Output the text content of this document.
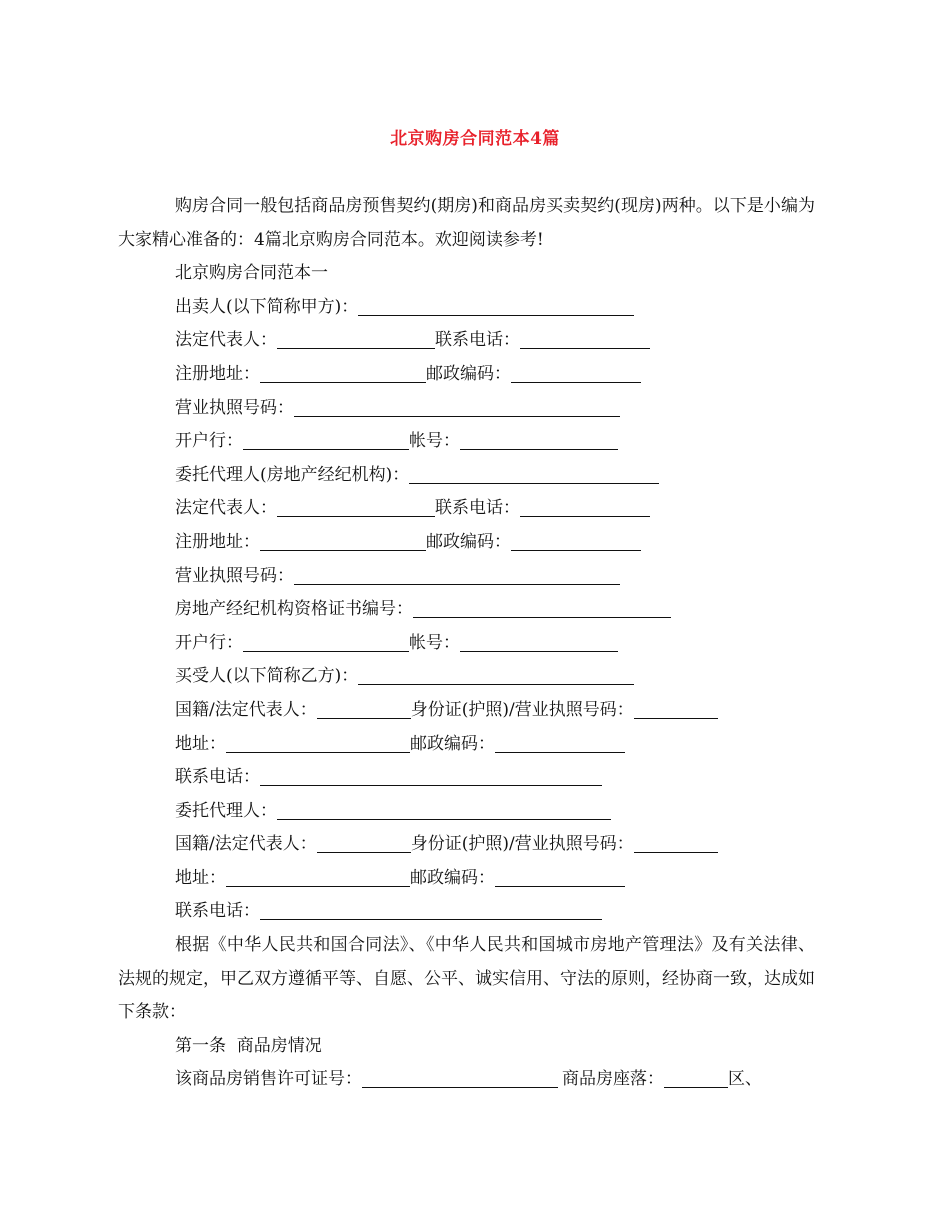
北京购房合同范本4篇
购房合同一般包括商品房预售契约(期房)和商品房买卖契约(现房)两种。以下是小编为大家精心准备的：4篇北京购房合同范本。欢迎阅读参考!
北京购房合同范本一
出卖人(以下简称甲方)：
法定代表人：	联系电话：
注册地址：	邮政编码：
营业执照号码：
开户行：	帐号：
委托代理人(房地产经纪机构)：
法定代表人：	联系电话：
注册地址：	邮政编码：
营业执照号码：
房地产经纪机构资格证书编号：
开户行：	帐号：
买受人(以下简称乙方)：
国籍/法定代表人：	身份证(护照)/营业执照号码：
地址：	邮政编码：
联系电话：
委托代理人：
国籍/法定代表人：	身份证(护照)/营业执照号码：
地址：	邮政编码：
联系电话：
根据《中华人民共和国合同法》、《中华人民共和国城市房地产管理法》及有关法律、法规的规定，甲乙双方遵循平等、自愿、公平、诚实信用、守法的原则，经协商一致，达成如下条款：
第一条  商品房情况
该商品房销售许可证号：	商品房座落：	区、
